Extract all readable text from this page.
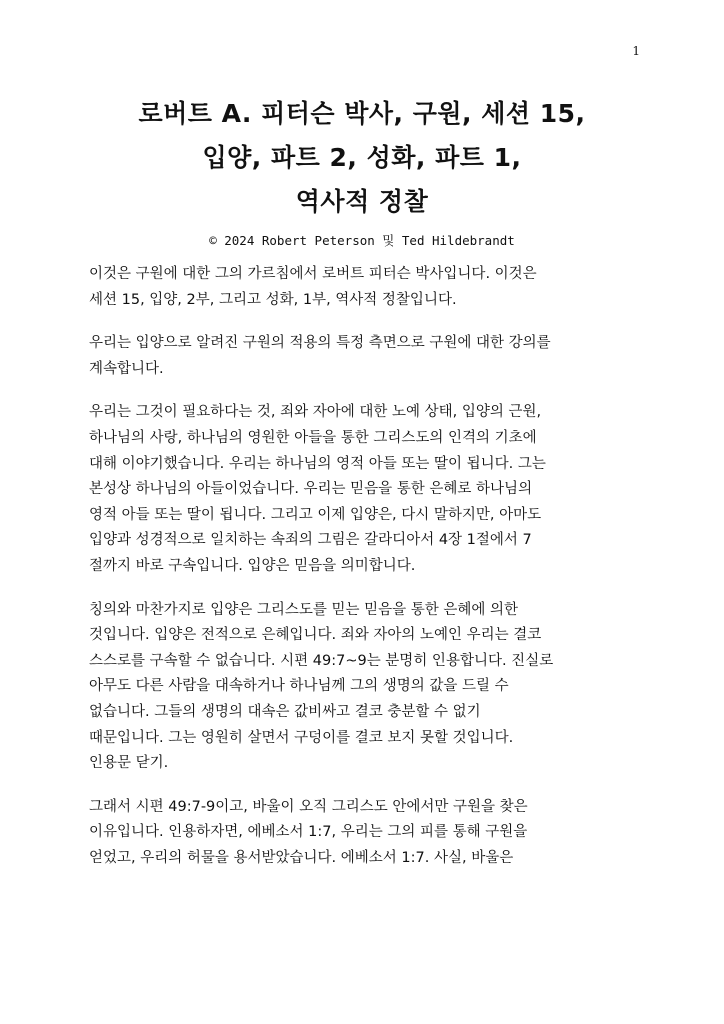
1
로버트 A. 피터슨 박사, 구원, 세션 15,
입양, 파트 2, 성화, 파트 1,
역사적 정찰
© 2024 Robert Peterson 및 Ted Hildebrandt

이것은 구원에 대한 그의 가르침에서 로버트 피터슨 박사입니다. 이것은
세션 15, 입양, 2부, 그리고 성화, 1부, 역사적 정찰입니다.

우리는 입양으로 알려진 구원의 적용의 특정 측면으로 구원에 대한 강의를
계속합니다.

우리는 그것이 필요하다는 것, 죄와 자아에 대한 노예 상태, 입양의 근원,
하나님의 사랑, 하나님의 영원한 아들을 통한 그리스도의 인격의 기초에
대해 이야기했습니다. 우리는 하나님의 영적 아들 또는 딸이 됩니다. 그는
본성상 하나님의 아들이었습니다. 우리는 믿음을 통한 은혜로 하나님의
영적 아들 또는 딸이 됩니다. 그리고 이제 입양은, 다시 말하지만, 아마도
입양과 성경적으로 일치하는 속죄의 그림은 갈라디아서 4장 1절에서 7
절까지 바로 구속입니다. 입양은 믿음을 의미합니다.

칭의와 마찬가지로 입양은 그리스도를 믿는 믿음을 통한 은혜에 의한
것입니다. 입양은 전적으로 은혜입니다. 죄와 자아의 노예인 우리는 결코
스스로를 구속할 수 없습니다. 시편 49:7~9는 분명히 인용합니다. 진실로
아무도 다른 사람을 대속하거나 하나님께 그의 생명의 값을 드릴 수
없습니다. 그들의 생명의 대속은 값비싸고 결코 충분할 수 없기
때문입니다. 그는 영원히 살면서 구덩이를 결코 보지 못할 것입니다.
인용문 닫기.

그래서 시편 49:7-9이고, 바울이 오직 그리스도 안에서만 구원을 찾은
이유입니다. 인용하자면, 에베소서 1:7, 우리는 그의 피를 통해 구원을
얻었고, 우리의 허물을 용서받았습니다. 에베소서 1:7. 사실, 바울은
